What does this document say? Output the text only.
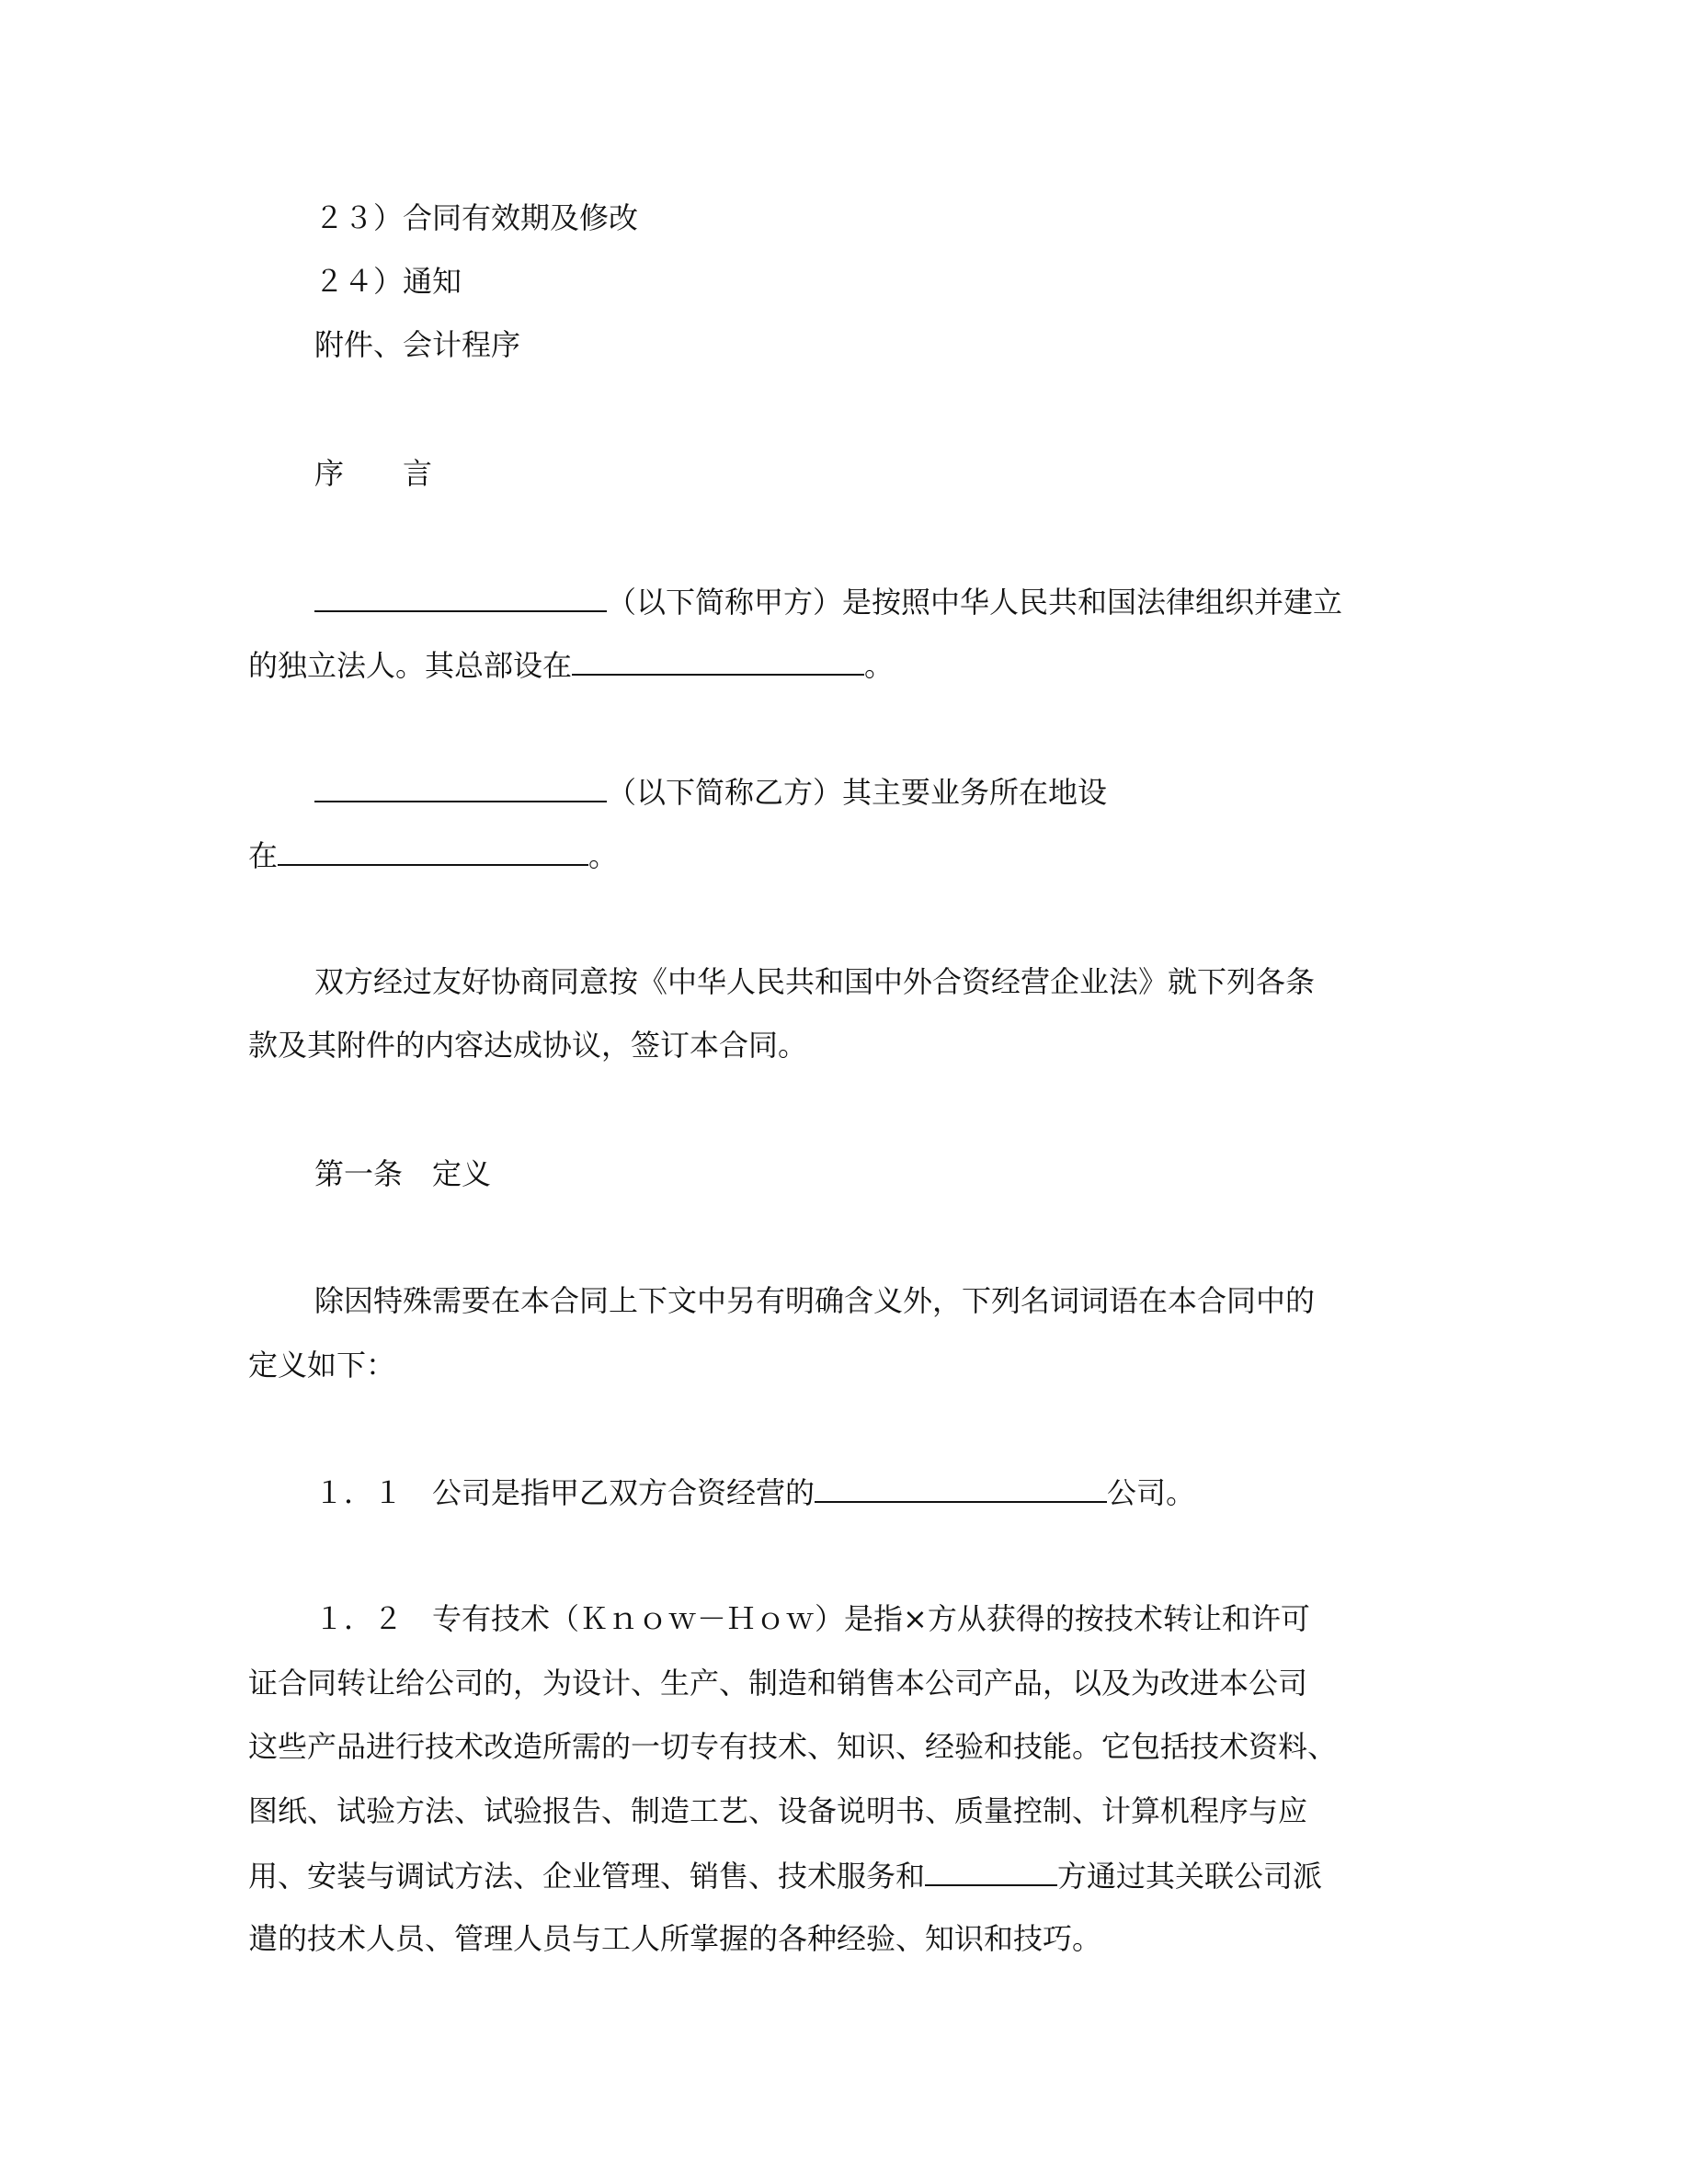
２３）合同有效期及修改
２４）通知
附件、会计程序
序　　言
（以下简称甲方）是按照中华人民共和国法律组织并建立
的独立法人。其总部设在	。
（以下简称乙方）其主要业务所在地设
在	。
双方经过友好协商同意按《中华人民共和国中外合资经营企业法》就下列各条
款及其附件的内容达成协议，签订本合同。
第一条　定义
除因特殊需要在本合同上下文中另有明确含义外，下列名词词语在本合同中的
定义如下：
１．１　公司是指甲乙双方合资经营的	公司。
１．２　专有技术（Ｋｎｏｗ－Ｈｏｗ）是指×方从获得的按技术转让和许可
证合同转让给公司的，为设计、生产、制造和销售本公司产品，以及为改进本公司
这些产品进行技术改造所需的一切专有技术、知识、经验和技能。它包括技术资料、
图纸、试验方法、试验报告、制造工艺、设备说明书、质量控制、计算机程序与应
用、安装与调试方法、企业管理、销售、技术服务和	方通过其关联公司派
遣的技术人员、管理人员与工人所掌握的各种经验、知识和技巧。
